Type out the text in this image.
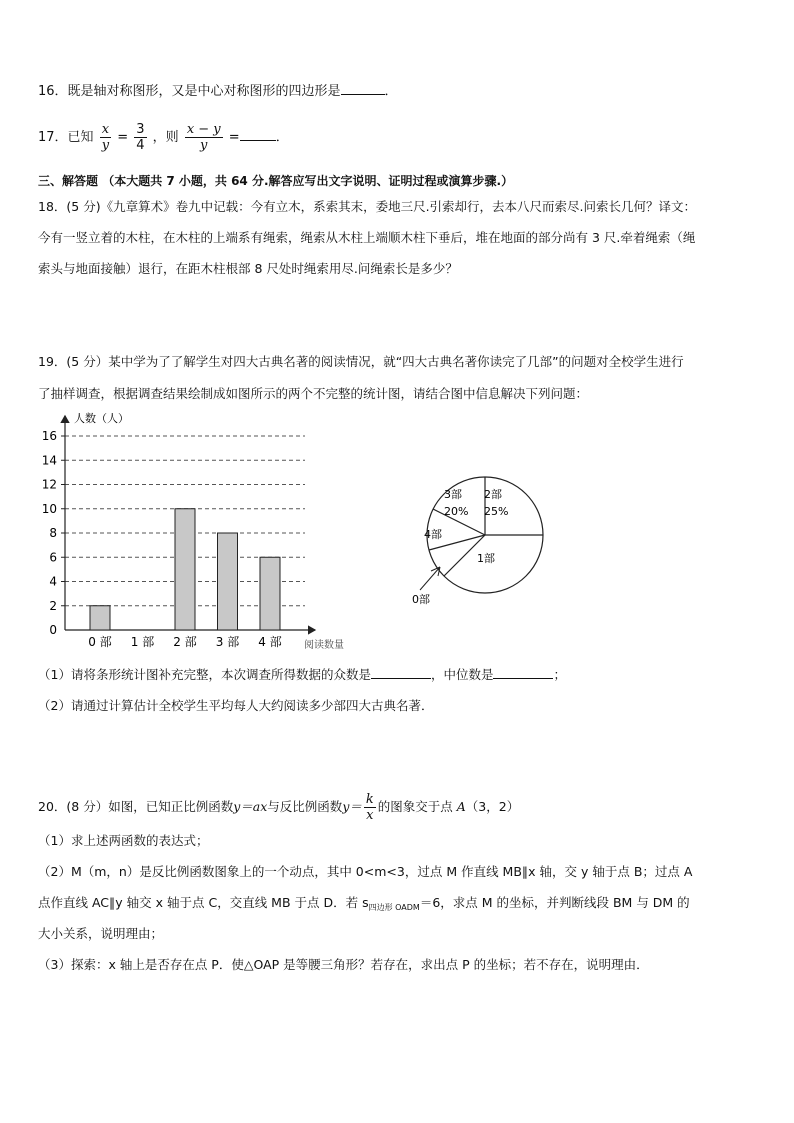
16．既是轴对称图形，又是中心对称图形的四边形是	．
17．已知 $\frac{x}{y} = \frac{3}{4}$ ，则 $\frac{x - y}{y}$ =	．
三、解答题 （本大题共 7 小题，共 64 分.解答应写出文字说明、证明过程或演算步骤.）
18．(5 分)《九章算术》卷九中记载：今有立木，系索其末，委地三尺.引索却行，去本八尺而索尽.问索长几何？译文：
今有一竖立着的木柱，在木柱的上端系有绳索，绳索从木柱上端顺木柱下垂后，堆在地面的部分尚有 3 尺.牵着绳索（绳
索头与地面接触）退行，在距木柱根部 8 尺处时绳索用尽.问绳索长是多少？
19．(5 分）某中学为了了解学生对四大古典名著的阅读情况，就“四大古典名著你读完了几部”的问题对全校学生进行
了抽样调查，根据调查结果绘制成如图所示的两个不完整的统计图，请结合图中信息解决下列问题：
人数（人）
阅读数量
0
2
4
6
8
10
12
14
16
0 部 1 部 2 部 3 部 4 部
2部
25%
1部
3部
20%
4部
0部
（1）请将条形统计图补充完整，本次调查所得数据的众数是	，中位数是	；
（2）请通过计算估计全校学生平均每人大约阅读多少部四大古典名著．
20．(8 分）如图，已知正比例函数y＝ax与反比例函数$y= \frac{k}{x}$ 的图象交于点 A（3，2）
（1）求上述两函数的表达式；
（2）M（m，n）是反比例函数图象上的一个动点，其中 0<m<3，过点 M 作直线 MB∥x 轴，交 y 轴于点 B；过点 A
点作直线 AC∥y 轴交 x 轴于点 C，交直线 MB 于点 D．若 $s_{四边形 OADM}=6$，求点 M 的坐标，并判断线段 BM 与 DM 的
大小关系，说明理由；
（3）探索：x 轴上是否存在点 P．使△OAP 是等腰三角形？若存在，求出点 P 的坐标；若不存在，说明理由．
